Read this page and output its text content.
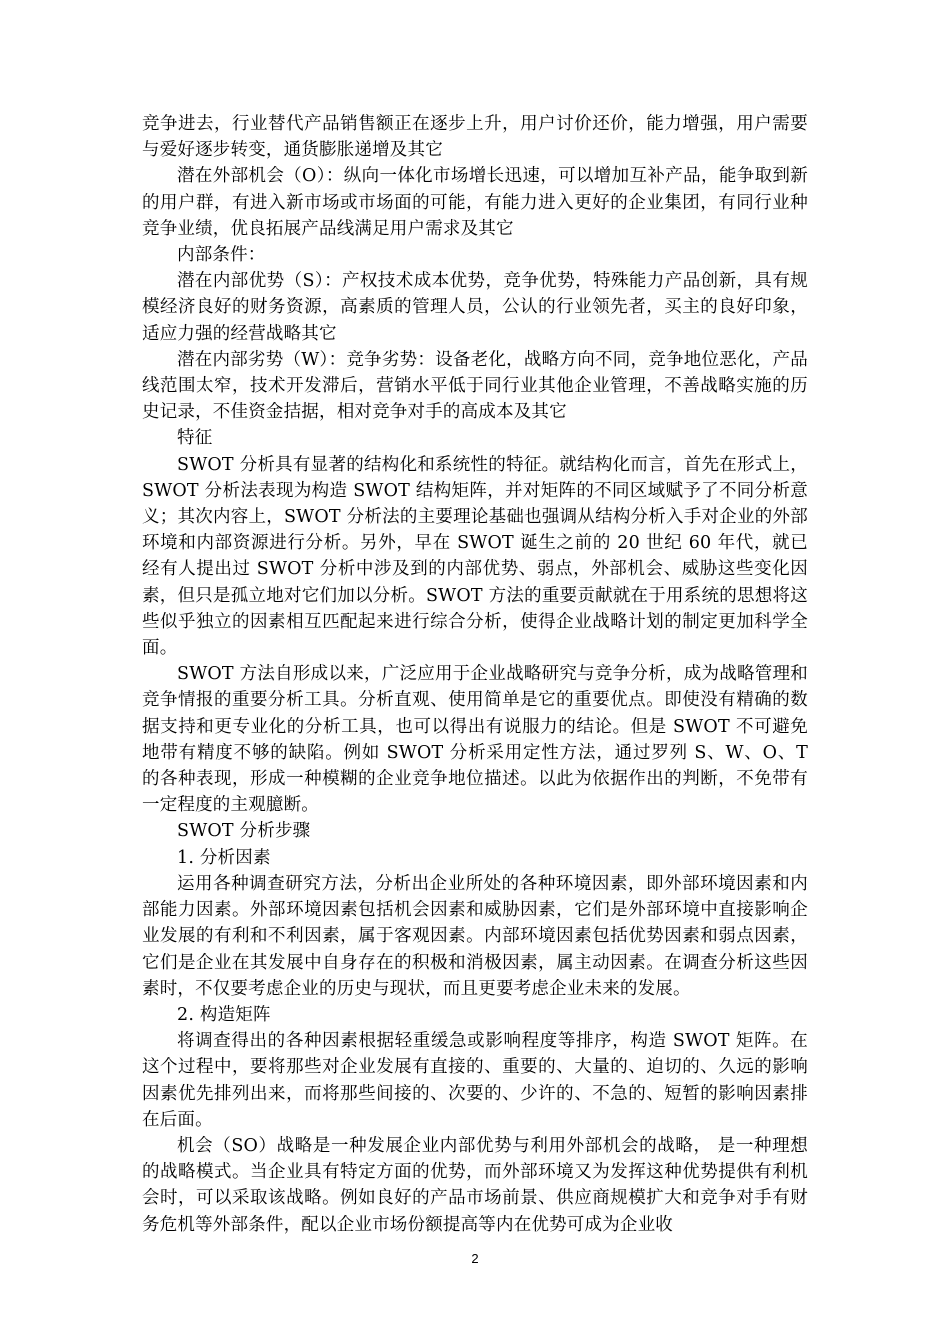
竞争进去，行业替代产品销售额正在逐步上升，用户讨价还价，能力增强，用户需要与爱好逐步转变，通货膨胀递增及其它

潜在外部机会（O）：纵向一体化市场增长迅速，可以增加互补产品，能争取到新的用户群，有进入新市场或市场面的可能，有能力进入更好的企业集团，有同行业种竞争业绩，优良拓展产品线满足用户需求及其它

内部条件：

潜在内部优势（S）：产权技术成本优势，竞争优势，特殊能力产品创新，具有规模经济良好的财务资源，高素质的管理人员，公认的行业领先者，买主的良好印象，适应力强的经营战略其它

潜在内部劣势（W）：竞争劣势：设备老化，战略方向不同，竞争地位恶化，产品线范围太窄，技术开发滞后，营销水平低于同行业其他企业管理，不善战略实施的历史记录，不佳资金拮据，相对竞争对手的高成本及其它

特征

SWOT 分析具有显著的结构化和系统性的特征。就结构化而言，首先在形式上，SWOT 分析法表现为构造 SWOT 结构矩阵，并对矩阵的不同区域赋予了不同分析意义；其次内容上，SWOT 分析法的主要理论基础也强调从结构分析入手对企业的外部环境和内部资源进行分析。另外，早在 SWOT 诞生之前的 20 世纪 60 年代，就已经有人提出过 SWOT 分析中涉及到的内部优势、弱点，外部机会、威胁这些变化因素，但只是孤立地对它们加以分析。SWOT 方法的重要贡献就在于用系统的思想将这些似乎独立的因素相互匹配起来进行综合分析，使得企业战略计划的制定更加科学全面。

SWOT 方法自形成以来，广泛应用于企业战略研究与竞争分析，成为战略管理和竞争情报的重要分析工具。分析直观、使用简单是它的重要优点。即使没有精确的数据支持和更专业化的分析工具，也可以得出有说服力的结论。但是 SWOT 不可避免地带有精度不够的缺陷。例如 SWOT 分析采用定性方法，通过罗列 S、W、O、T 的各种表现，形成一种模糊的企业竞争地位描述。以此为依据作出的判断，不免带有一定程度的主观臆断。

SWOT 分析步骤

1. 分析因素

运用各种调查研究方法，分析出企业所处的各种环境因素，即外部环境因素和内部能力因素。外部环境因素包括机会因素和威胁因素，它们是外部环境中直接影响企业发展的有利和不利因素，属于客观因素。内部环境因素包括优势因素和弱点因素，它们是企业在其发展中自身存在的积极和消极因素，属主动因素。在调查分析这些因素时，不仅要考虑企业的历史与现状，而且更要考虑企业未来的发展。

2. 构造矩阵

将调查得出的各种因素根据轻重缓急或影响程度等排序，构造 SWOT 矩阵。在这个过程中，要将那些对企业发展有直接的、重要的、大量的、迫切的、久远的影响因素优先排列出来，而将那些间接的、次要的、少许的、不急的、短暂的影响因素排在后面。

机会（SO）战略是一种发展企业内部优势与利用外部机会的战略， 是一种理想的战略模式。当企业具有特定方面的优势，而外部环境又为发挥这种优势提供有利机会时，可以采取该战略。例如良好的产品市场前景、供应商规模扩大和竞争对手有财务危机等外部条件，配以企业市场份额提高等内在优势可成为企业收

2
